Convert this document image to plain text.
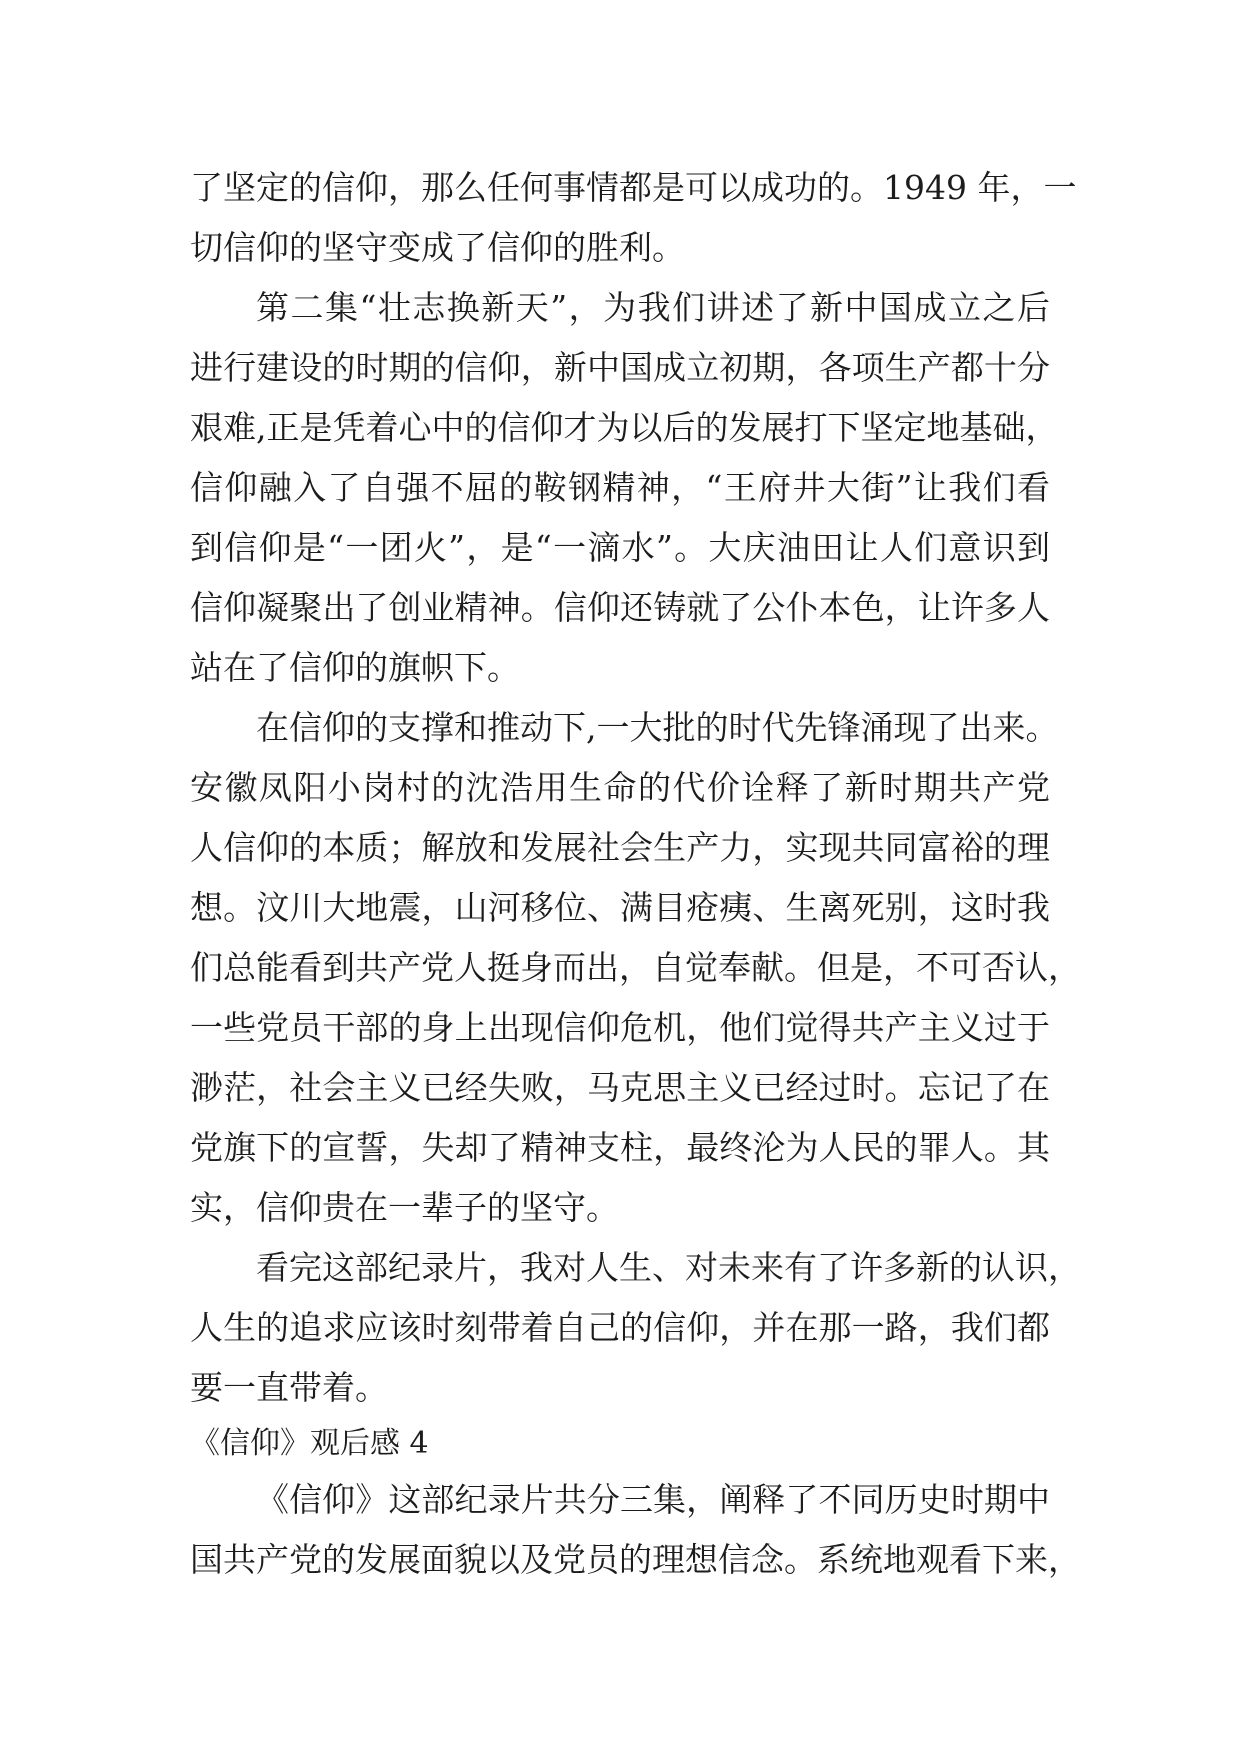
了坚定的信仰，那么任何事情都是可以成功的。1949 年，一
切信仰的坚守变成了信仰的胜利。
第二集“壮志换新天”，为我们讲述了新中国成立之后
进行建设的时期的信仰，新中国成立初期，各项生产都十分
艰难,正是凭着心中的信仰才为以后的发展打下坚定地基础，
信仰融入了自强不屈的鞍钢精神，“王府井大街”让我们看
到信仰是“一团火”，是“一滴水”。大庆油田让人们意识到
信仰凝聚出了创业精神。信仰还铸就了公仆本色，让许多人
站在了信仰的旗帜下。
在信仰的支撑和推动下,一大批的时代先锋涌现了出来。
安徽凤阳小岗村的沈浩用生命的代价诠释了新时期共产党
人信仰的本质；解放和发展社会生产力，实现共同富裕的理
想。汶川大地震，山河移位、满目疮痍、生离死别，这时我
们总能看到共产党人挺身而出，自觉奉献。但是，不可否认，
一些党员干部的身上出现信仰危机，他们觉得共产主义过于
渺茫，社会主义已经失败，马克思主义已经过时。忘记了在
党旗下的宣誓，失却了精神支柱，最终沦为人民的罪人。其
实，信仰贵在一辈子的坚守。
看完这部纪录片，我对人生、对未来有了许多新的认识，
人生的追求应该时刻带着自己的信仰，并在那一路，我们都
要一直带着。
《信仰》观后感 4
《信仰》这部纪录片共分三集，阐释了不同历史时期中
国共产党的发展面貌以及党员的理想信念。系统地观看下来，
